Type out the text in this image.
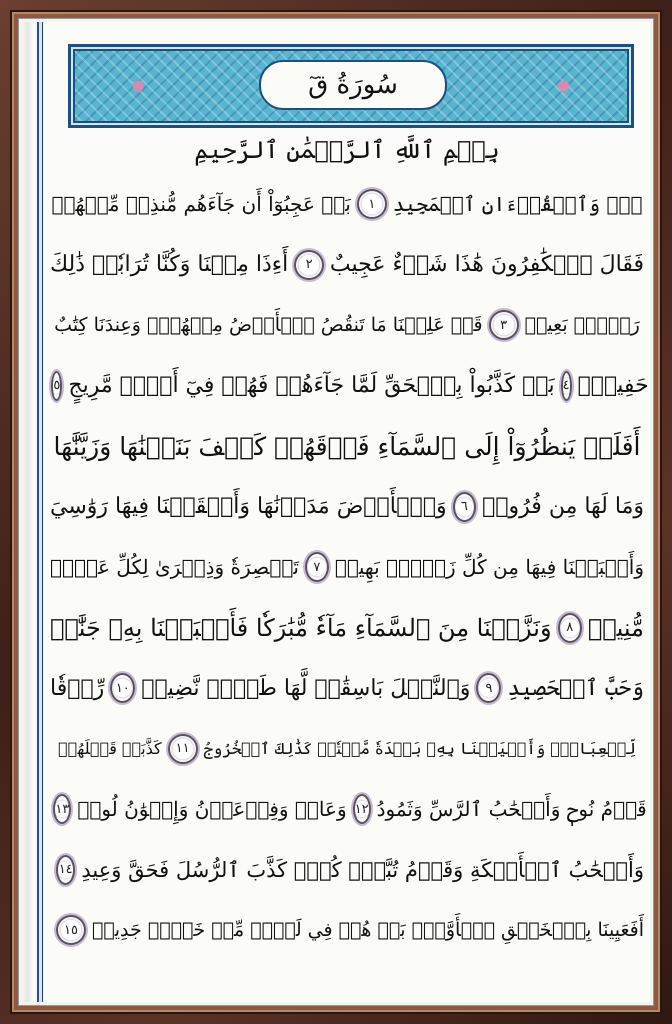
سُورَةُ قٓ
بِسۡمِ ٱللَّهِ ٱلرَّحۡمَٰنِ ٱلرَّحِيمِ
قٓۚ وَٱلۡقُرۡءَانِ ٱلۡمَجِيدِ
١
بَلۡ عَجِبُوٓاْ أَن جَآءَهُم مُّنذِرٞ مِّنۡهُمۡ
فَقَالَ ٱلۡكَٰفِرُونَ هَٰذَا شَيۡءٌ عَجِيبٌ
٢
أَءِذَا مِتۡنَا وَكُنَّا تُرَابٗاۖ ذَٰلِكَ
رَجۡعُۢ بَعِيدٞ
٣
قَدۡ عَلِمۡنَا مَا تَنقُصُ ٱلۡأَرۡضُ مِنۡهُمۡۖ وَعِندَنَا كِتَٰبٌ
حَفِيظُۢ
٤
بَلۡ كَذَّبُواْ بِٱلۡحَقِّ لَمَّا جَآءَهُمۡ فَهُمۡ فِيٓ أَمۡرٖ مَّرِيجٍ
٥
أَفَلَمۡ يَنظُرُوٓاْ إِلَى ٱلسَّمَآءِ فَوۡقَهُمۡ كَيۡفَ بَنَيۡنَٰهَا وَزَيَّنَّٰهَا
وَمَا لَهَا مِن فُرُوجٖ
٦
وَٱلۡأَرۡضَ مَدَدۡنَٰهَا وَأَلۡقَيۡنَا فِيهَا رَوَٰسِيَ
وَأَنۢبَتۡنَا فِيهَا مِن كُلِّ زَوۡجِۭ بَهِيجٖ
٧
تَبۡصِرَةٗ وَذِكۡرَىٰ لِكُلِّ عَبۡدٖ
مُّنِيبٖ
٨
وَنَزَّلۡنَا مِنَ ٱلسَّمَآءِ مَآءٗ مُّبَٰرَكٗا فَأَنۢبَتۡنَا بِهِۦ جَنَّٰتٖ
وَحَبَّ ٱلۡحَصِيدِ
٩
وَٱلنَّخۡلَ بَاسِقَٰتٖ لَّهَا طَلۡعٞ نَّضِيدٞ
١٠
رِّزۡقٗا
لِّلۡعِبَادِۖ وَأَحۡيَيۡنَا بِهِۦ بَلۡدَةٗ مَّيۡتٗاۚ كَذَٰلِكَ ٱلۡخُرُوجُ
١١
كَذَّبَتۡ قَبۡلَهُمۡ
قَوۡمُ نُوحٖ وَأَصۡحَٰبُ ٱلرَّسِّ وَثَمُودُ
١٢
وَعَادٞ وَفِرۡعَوۡنُ وَإِخۡوَٰنُ لُوطٖ
١٣
وَأَصۡحَٰبُ ٱلۡأَيۡكَةِ وَقَوۡمُ تُبَّعٖۚ كُلّٞ كَذَّبَ ٱلرُّسُلَ فَحَقَّ وَعِيدِ
١٤
أَفَعَيِينَا بِٱلۡخَلۡقِ ٱلۡأَوَّلِۚ بَلۡ هُمۡ فِي لَبۡسٖ مِّنۡ خَلۡقٖ جَدِيدٖ
١٥
